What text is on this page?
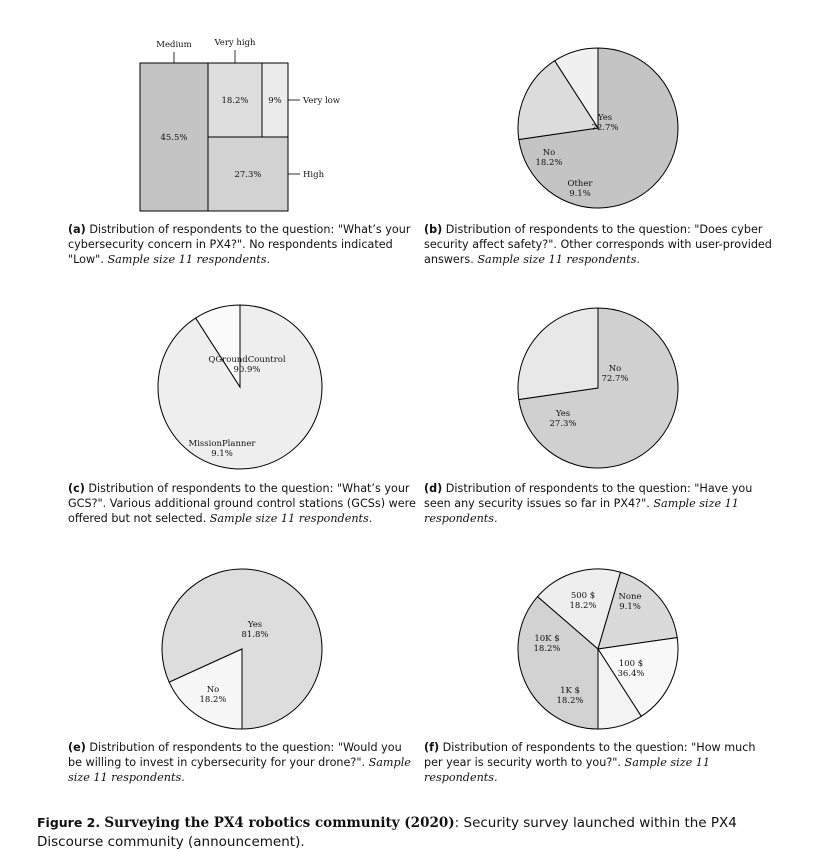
45.5%
18.2% 9%
27.3%
Medium	Very high
Very low
High
Yes
72.7%
No
18.2%
Other
9.1%
QGroundCountrol
90.9%
MissionPlanner
9.1%
No
72.7%
Yes
27.3%
Yes
81.8%
No
18.2%
100 $
36.4%
1K $
18.2%
10K $
18.2%
500 $
18.2%
None
9.1%
(a) Distribution of respondents to the question: "What’s your cybersecurity concern in PX4?". No respondents indicated "Low". Sample size 11 respondents.
(b) Distribution of respondents to the question: "Does cyber security affect safety?". Other corresponds with user-provided answers. Sample size 11 respondents.
(c) Distribution of respondents to the question: "What’s your GCS?". Various additional ground control stations (GCSs) were offered but not selected. Sample size 11 respondents.
(d) Distribution of respondents to the question: "Have you seen any security issues so far in PX4?". Sample size 11 respondents.
(e) Distribution of respondents to the question: "Would you be willing to invest in cybersecurity for your drone?". Sample size 11 respondents.
(f) Distribution of respondents to the question: "How much per year is security worth to you?". Sample size 11 respondents.
Figure 2. Surveying the PX4 robotics community (2020): Security survey launched within the PX4 Discourse community (announcement).
